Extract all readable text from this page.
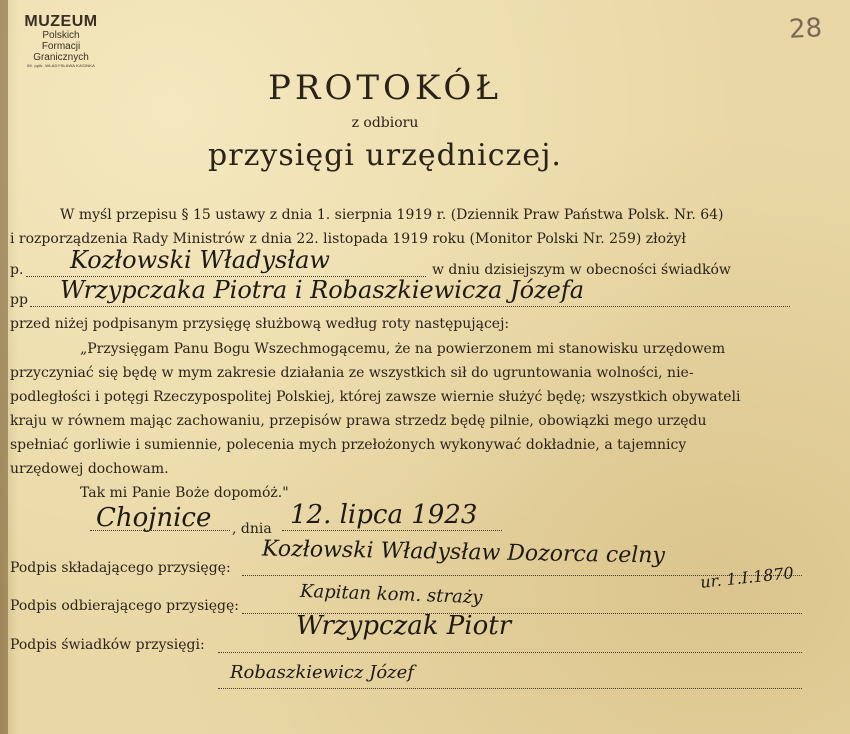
MUZEUM
Polskich
Formacji
Granicznych
IM. ppłk. WŁADYSŁAWA KASINKA
28
PROTOKÓŁ
z odbioru
przysięgi urzędniczej.
W myśl przepisu § 15 ustawy z dnia 1. sierpnia 1919 r. (Dziennik Praw Państwa Polsk. Nr. 64)
i rozporządzenia Rady Ministrów z dnia 22. listopada 1919 roku (Monitor Polski Nr. 259) złożył
p. Kozłowski Władysław	w dniu dzisiejszym w obecności świadków
pp Wrzypczaka Piotra i Robaszkiewicza Józefa
przed niżej podpisanym przysięgę służbową według roty następującej:
„Przysięgam Panu Bogu Wszechmogącemu, że na powierzonem mi stanowisku urzędowem
przyczyniać się będę w mym zakresie działania ze wszystkich sił do ugruntowania wolności, nie-
podległości i potęgi Rzeczypospolitej Polskiej, której zawsze wiernie służyć będę; wszystkich obywateli
kraju w równem mając zachowaniu, przepisów prawa strzedz będę pilnie, obowiązki mego urzędu
spełniać gorliwie i sumiennie, polecenia mych przełożonych wykonywać dokładnie, a tajemnicy
urzędowej dochowam.
Tak mi Panie Boże dopomóż."
Chojnice , dnia 12. lipca 1923
Podpis składającego przysięgę: Kozłowski Władysław Dozorca celny
ur. 1.I.1870
Podpis odbierającego przysięgę:	Kapitan kom. straży
Podpis świadków przysięgi:
Wrzypczak Piotr
Robaszkiewicz Józef
